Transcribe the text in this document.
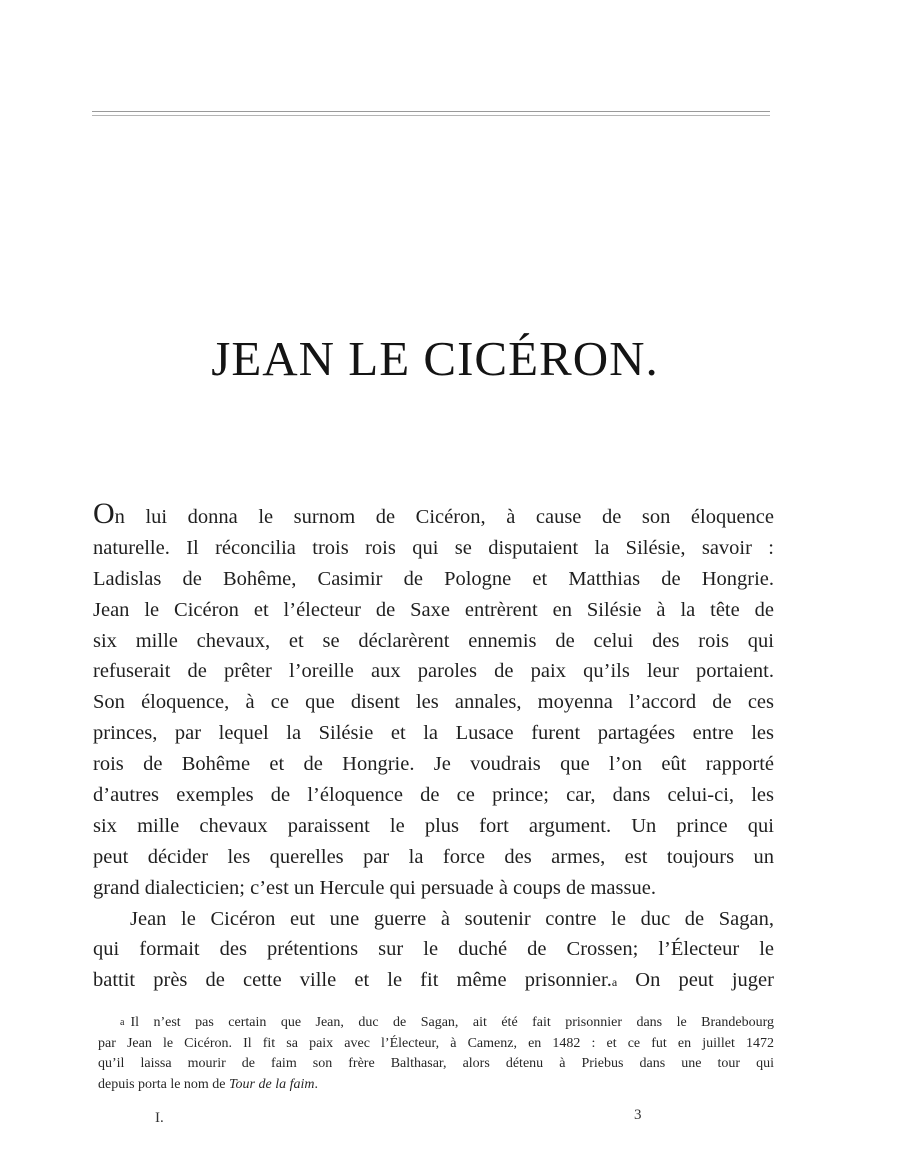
JEAN LE CICÉRON.
On lui donna le surnom de Cicéron, à cause de son éloquence
naturelle. Il réconcilia trois rois qui se disputaient la Silésie, savoir :
Ladislas de Bohême, Casimir de Pologne et Matthias de Hongrie.
Jean le Cicéron et l’électeur de Saxe entrèrent en Silésie à la tête de
six mille chevaux, et se déclarèrent ennemis de celui des rois qui
refuserait de prêter l’oreille aux paroles de paix qu’ils leur portaient.
Son éloquence, à ce que disent les annales, moyenna l’accord de ces
princes, par lequel la Silésie et la Lusace furent partagées entre les
rois de Bohême et de Hongrie. Je voudrais que l’on eût rapporté
d’autres exemples de l’éloquence de ce prince; car, dans celui-ci, les
six mille chevaux paraissent le plus fort argument. Un prince qui
peut décider les querelles par la force des armes, est toujours un
grand dialecticien; c’est un Hercule qui persuade à coups de massue.
Jean le Cicéron eut une guerre à soutenir contre le duc de Sagan,
qui formait des prétentions sur le duché de Crossen; l’Électeur le
battit près de cette ville et le fit même prisonnier.$^a$ On peut juger
$^a$ Il n’est pas certain que Jean, duc de Sagan, ait été fait prisonnier dans le Brandebourg
par Jean le Cicéron. Il fit sa paix avec l’Électeur, à Camenz, en 1482 : et ce fut en juillet 1472
qu’il laissa mourir de faim son frère Balthasar, alors détenu à Priebus dans une tour qui
depuis porta le nom de Tour de la faim.
I.	3
